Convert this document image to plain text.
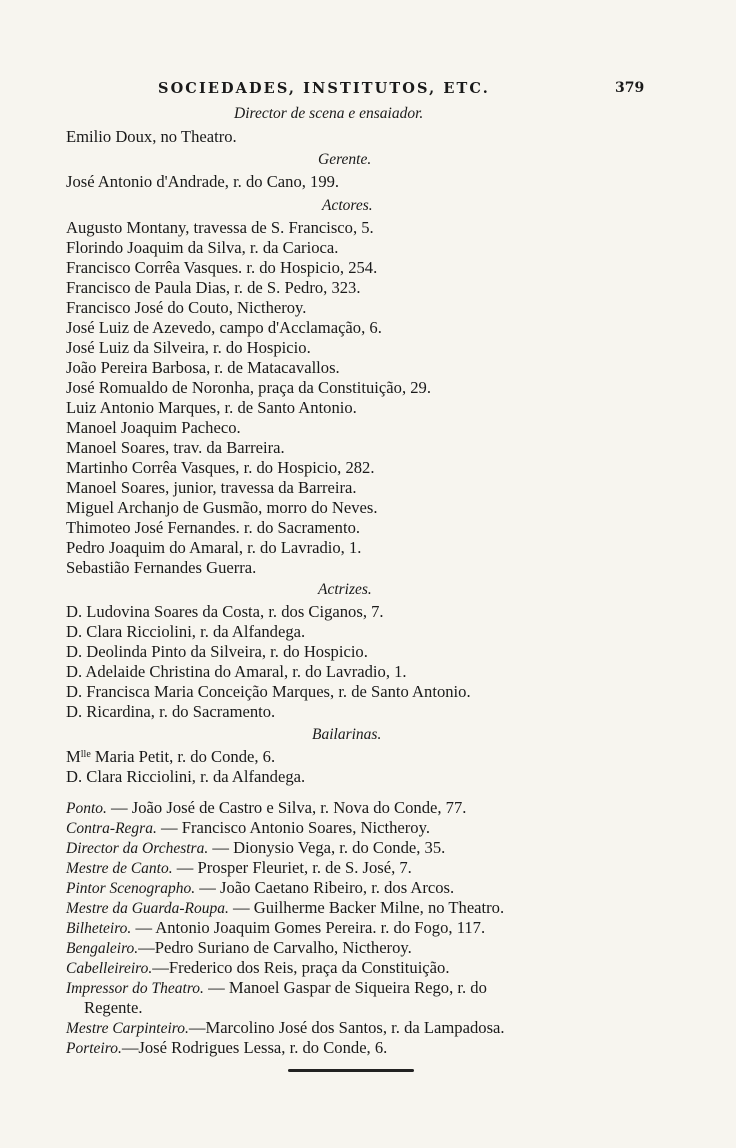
SOCIEDADES, INSTITUTOS, ETC.	379
Director de scena e ensaiador.
Emilio Doux, no Theatro.
Gerente.
José Antonio d'Andrade, r. do Cano, 199.
Actores.
Augusto Montany, travessa de S. Francisco, 5.
Florindo Joaquim da Silva, r. da Carioca.
Francisco Corrêa Vasques. r. do Hospicio, 254.
Francisco de Paula Dias, r. de S. Pedro, 323.
Francisco José do Couto, Nictheroy.
José Luiz de Azevedo, campo d'Acclamação, 6.
José Luiz da Silveira, r. do Hospicio.
João Pereira Barbosa, r. de Matacavallos.
José Romualdo de Noronha, praça da Constituição, 29.
Luiz Antonio Marques, r. de Santo Antonio.
Manoel Joaquim Pacheco.
Manoel Soares, trav. da Barreira.
Martinho Corrêa Vasques, r. do Hospicio, 282.
Manoel Soares, junior, travessa da Barreira.
Miguel Archanjo de Gusmão, morro do Neves.
Thimoteo José Fernandes. r. do Sacramento.
Pedro Joaquim do Amaral, r. do Lavradio, 1.
Sebastião Fernandes Guerra.
Actrizes.
D. Ludovina Soares da Costa, r. dos Ciganos, 7.
D. Clara Ricciolini, r. da Alfandega.
D. Deolinda Pinto da Silveira, r. do Hospicio.
D. Adelaide Christina do Amaral, r. do Lavradio, 1.
D. Francisca Maria Conceição Marques, r. de Santo Antonio.
D. Ricardina, r. do Sacramento.
Bailarinas.
$M^{lle}$ Maria Petit, r. do Conde, 6.
D. Clara Ricciolini, r. da Alfandega.
Ponto. — João José de Castro e Silva, r. Nova do Conde, 77.
Contra-Regra. — Francisco Antonio Soares, Nictheroy.
Director da Orchestra. — Dionysio Vega, r. do Conde, 35.
Mestre de Canto. — Prosper Fleuriet, r. de S. José, 7.
Pintor Scenographo. — João Caetano Ribeiro, r. dos Arcos.
Mestre da Guarda-Roupa. — Guilherme Backer Milne, no Theatro.
Bilheteiro. — Antonio Joaquim Gomes Pereira. r. do Fogo, 117.
Bengaleiro.—Pedro Suriano de Carvalho, Nictheroy.
Cabelleireiro.—Frederico dos Reis, praça da Constituição.
Impressor do Theatro. — Manoel Gaspar de Siqueira Rego, r. do
Regente.
Mestre Carpinteiro.—Marcolino José dos Santos, r. da Lampadosa.
Porteiro.—José Rodrigues Lessa, r. do Conde, 6.
